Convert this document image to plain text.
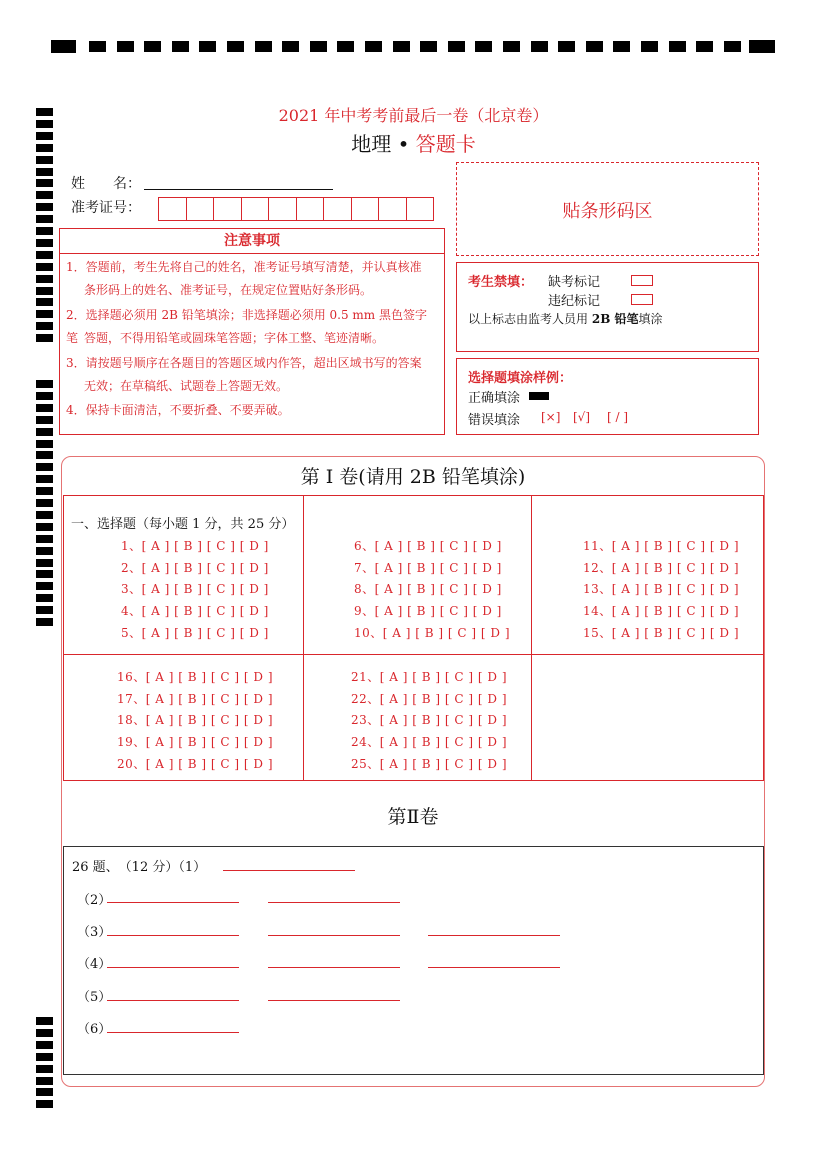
2021 年中考考前最后一卷（北京卷）
地理 • 答题卡
姓　　名：
准考证号：	贴条形码区
注意事项
1．答题前，考生先将自己的姓名，准考证号填写清楚，并认真核准
条形码上的姓名、准考证号，在规定位置贴好条形码。
2．选择题必须用 2B 铅笔填涂；非选择题必须用 0.5 mm 黑色签字笔 答题，不得用铅笔或圆珠笔答题；字体工整、笔迹清晰。
3．请按题号顺序在各题目的答题区域内作答，超出区域书写的答案
无效；在草稿纸、试题卷上答题无效。
4．保持卡面清洁，不要折叠、不要弄破。
考生禁填： 缺考标记
违纪标记
以上标志由监考人员用 2B 铅笔填涂
选择题填涂样例：
正确填涂
错误填涂 [×] [√] [ / ]
第 I 卷(请用 2B 铅笔填涂)
一、选择题（每小题 1 分，共 25 分）
1、[ A ] [ B ] [ C ] [ D ]
2、[ A ] [ B ] [ C ] [ D ]
3、[ A ] [ B ] [ C ] [ D ]
4、[ A ] [ B ] [ C ] [ D ]
5、[ A ] [ B ] [ C ] [ D ]
6、[ A ] [ B ] [ C ] [ D ]
7、[ A ] [ B ] [ C ] [ D ]
8、[ A ] [ B ] [ C ] [ D ]
9、[ A ] [ B ] [ C ] [ D ]
10、[ A ] [ B ] [ C ] [ D ]
11、[ A ] [ B ] [ C ] [ D ]
12、[ A ] [ B ] [ C ] [ D ]
13、[ A ] [ B ] [ C ] [ D ]
14、[ A ] [ B ] [ C ] [ D ]
15、[ A ] [ B ] [ C ] [ D ]
16、[ A ] [ B ] [ C ] [ D ]
17、[ A ] [ B ] [ C ] [ D ]
18、[ A ] [ B ] [ C ] [ D ]
19、[ A ] [ B ] [ C ] [ D ]
20、[ A ] [ B ] [ C ] [ D ]
21、[ A ] [ B ] [ C ] [ D ]
22、[ A ] [ B ] [ C ] [ D ]
23、[ A ] [ B ] [ C ] [ D ]
24、[ A ] [ B ] [ C ] [ D ]
25、[ A ] [ B ] [ C ] [ D ]
第Ⅱ卷
26 题、　（12 分）（1）
（2）
（3）
（4）
（5）
（6）
